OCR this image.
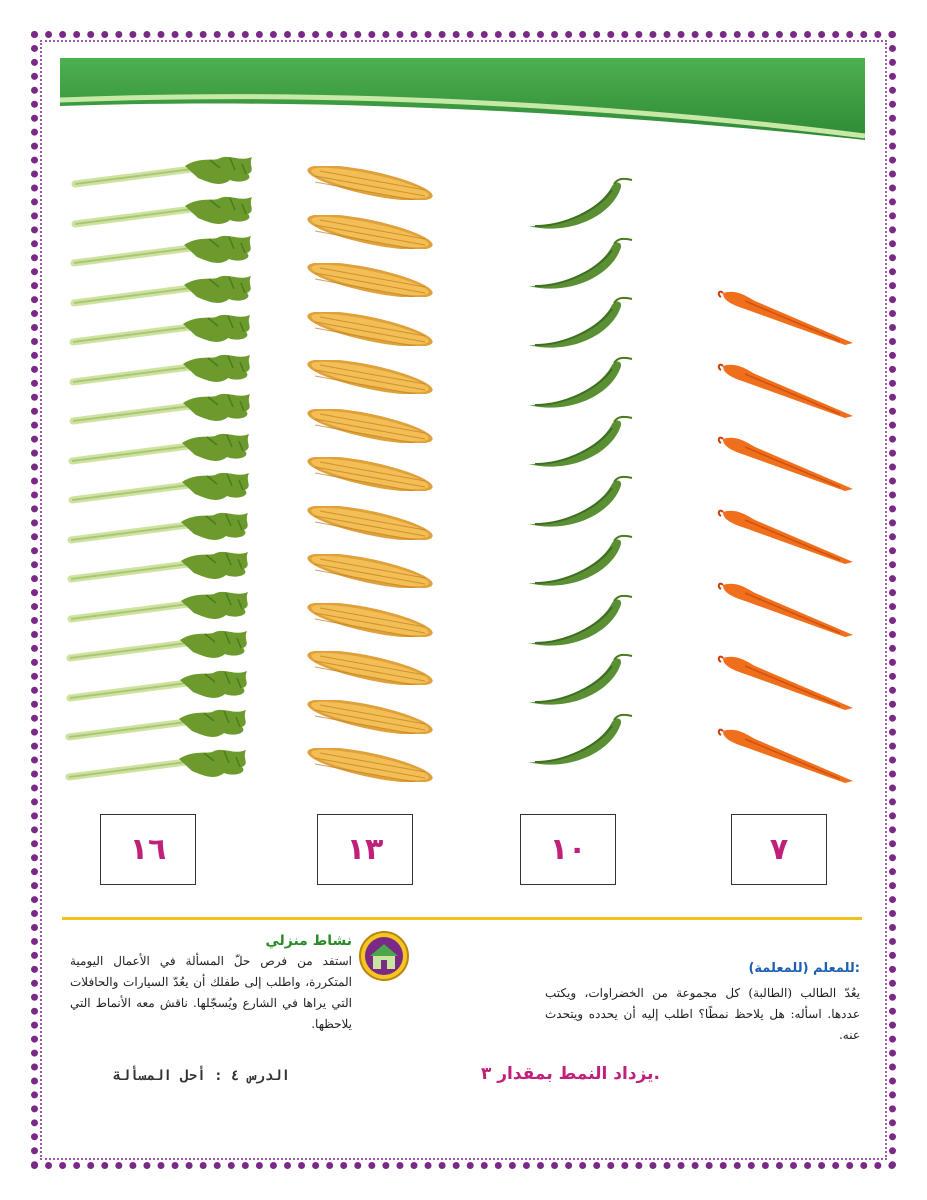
١٦	١٣	١٠	٧
نشاط منزلي
استفد من فرص حلّ المسألة في الأعمال اليومية المتكررة، واطلب إلى طفلك أن يعُدّ السيارات والحافلات التي يراها في الشارع ويُسجّلها. ناقش معه الأنماط التي يلاحظها.
للمعلم (للمعلمة):
يعُدّ الطالب (الطالبة) كل مجموعة من الخضراوات، ويكتب عددها. اسأله: هل يلاحظ نمطًا؟ اطلب إليه أن يحدده ويتحدث عنه.
الدرس ٤ : أحل المسألة	يزداد النمط بمقدار ٣.
